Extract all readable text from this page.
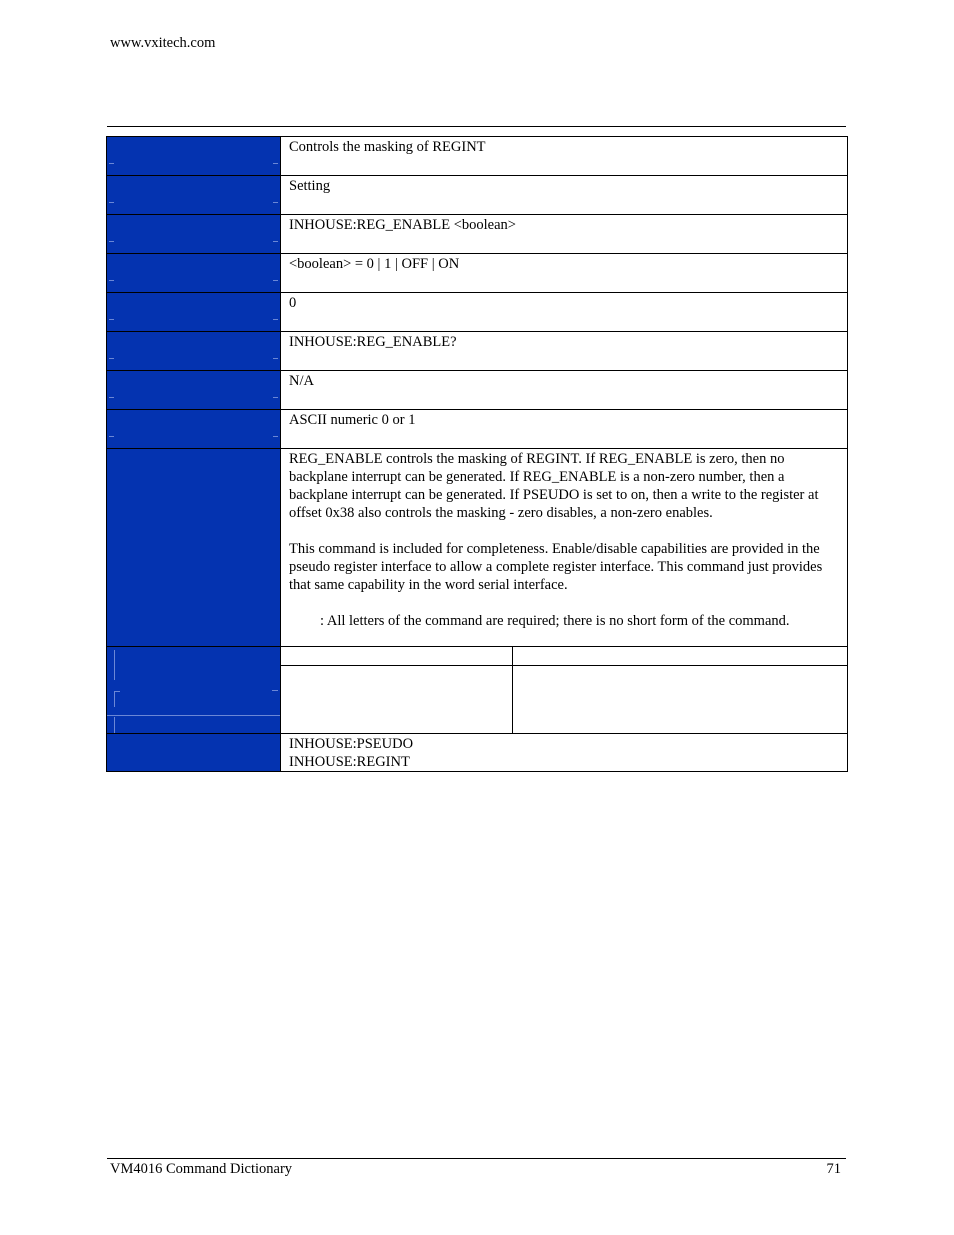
www.vxitech.com
	Controls the masking of REGINT
	Setting
	INHOUSE:REG_ENABLE <boolean>
	<boolean> = 0 | 1 | OFF | ON
	0
	INHOUSE:REG_ENABLE?
	N/A
	ASCII numeric 0 or 1

REG_ENABLE controls the masking of REGINT. If REG_ENABLE is zero, then no backplane interrupt can be generated. If REG_ENABLE is a non-zero number, then a backplane interrupt can be generated. If PSEUDO is set to on, then a write to the register at offset 0x38 also controls the masking - zero disables, a non-zero enables.

This command is included for completeness. Enable/disable capabilities are provided in the pseudo register interface to allow a complete register interface. This command just provides that same capability in the word serial interface.

: All letters of the command are required; there is no short form of the command.

INHOUSE:PSEUDO
INHOUSE:REGINT
VM4016 Command Dictionary	71
